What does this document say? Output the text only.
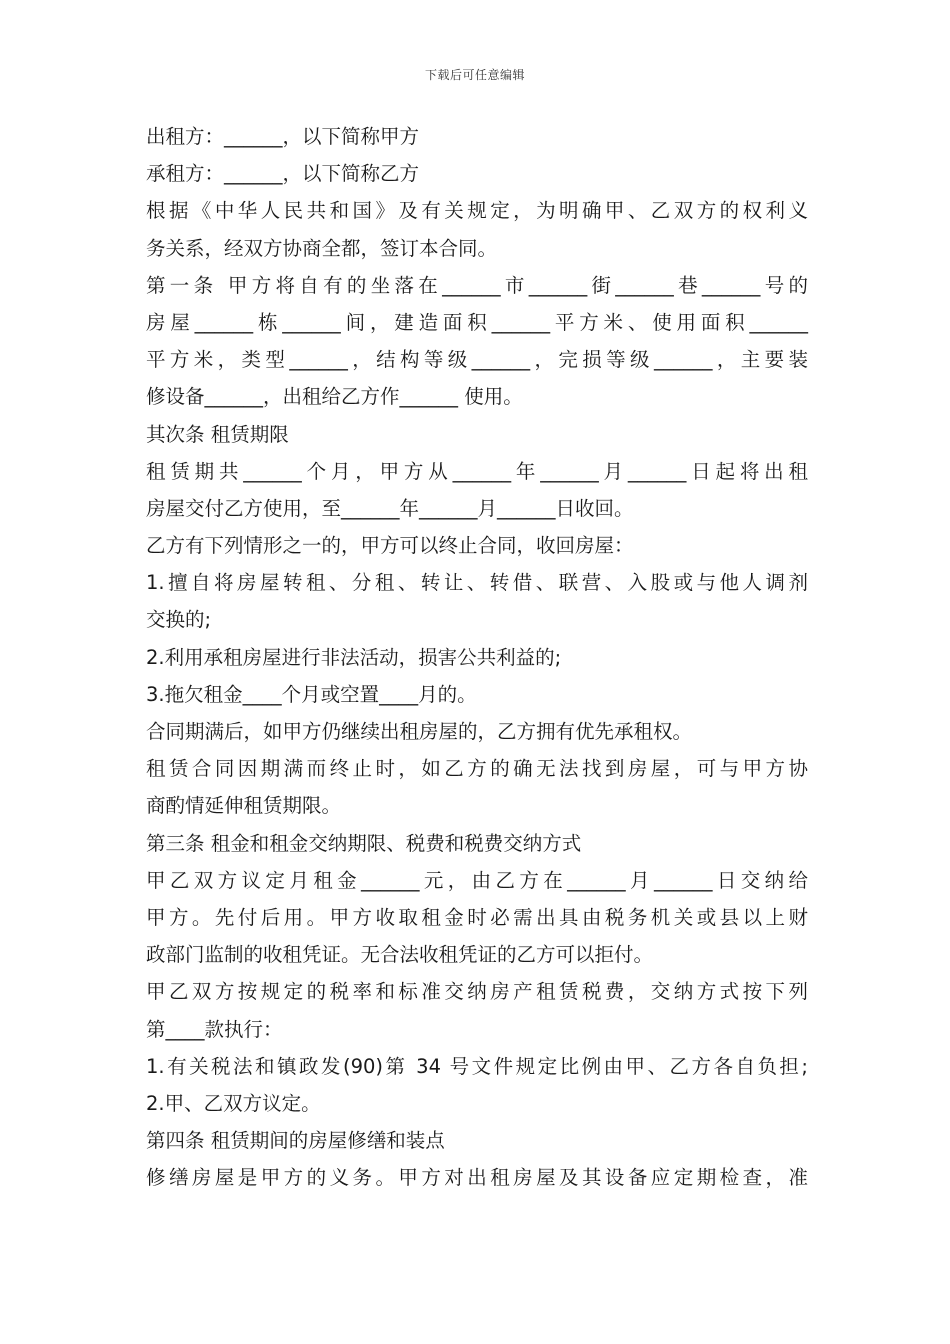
下载后可任意编辑
出租方：______，以下简称甲方
承租方：______，以下简称乙方
根据《中华人民共和国》及有关规定，为明确甲、乙双方的权利义
务关系，经双方协商全都，签订本合同。
第一条 甲方将自有的坐落在______市______街______巷______号的
房屋______栋______间，建造面积______平方米、使用面积______
平方米，类型______，结构等级______，完损等级______，主要装
修设备______，出租给乙方作______ 使用。
其次条 租赁期限
租赁期共______个月，甲方从______年______月______日起将出租
房屋交付乙方使用，至______年______月______日收回。
乙方有下列情形之一的，甲方可以终止合同，收回房屋：
1.擅自将房屋转租、分租、转让、转借、联营、入股或与他人调剂
交换的;
2.利用承租房屋进行非法活动，损害公共利益的;
3.拖欠租金____个月或空置____月的。
合同期满后，如甲方仍继续出租房屋的，乙方拥有优先承租权。
租赁合同因期满而终止时，如乙方的确无法找到房屋，可与甲方协
商酌情延伸租赁期限。
第三条 租金和租金交纳期限、税费和税费交纳方式
甲乙双方议定月租金______元，由乙方在______月______日交纳给
甲方。先付后用。甲方收取租金时必需出具由税务机关或县以上财
政部门监制的收租凭证。无合法收租凭证的乙方可以拒付。
甲乙双方按规定的税率和标准交纳房产租赁税费，交纳方式按下列
第____款执行：
1.有关税法和镇政发(90)第 34 号文件规定比例由甲、乙方各自负担;
2.甲、乙双方议定。
第四条 租赁期间的房屋修缮和装点
修缮房屋是甲方的义务。甲方对出租房屋及其设备应定期检查，准
